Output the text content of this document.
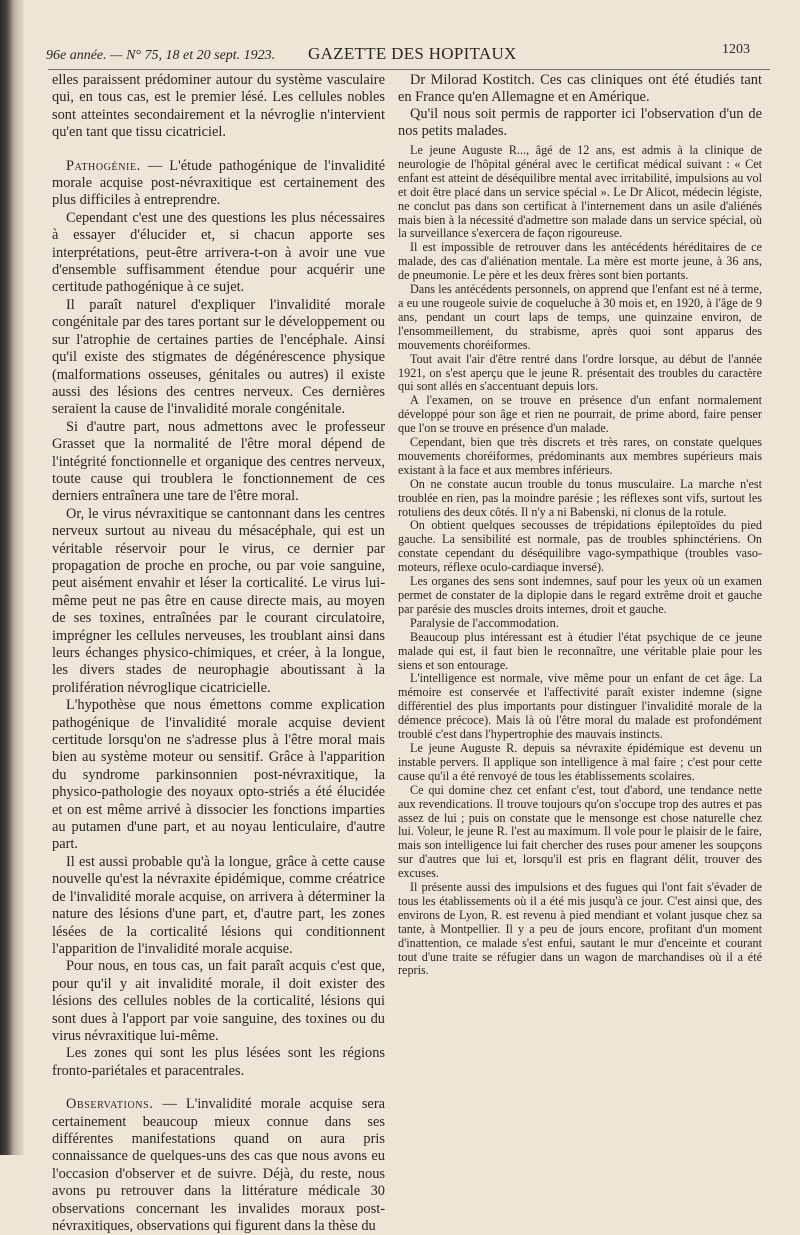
96e année. — N° 75, 18 et 20 sept. 1923. GAZETTE DES HOPITAUX	1203

elles paraissent prédominer autour du système vasculaire qui, en tous cas, est le premier lésé. Les cellules nobles sont atteintes secondairement et la névroglie n'intervient qu'en tant que tissu cicatriciel.

Pathogénie. — L'étude pathogénique de l'invalidité morale acquise post-névraxitique est certainement des plus difficiles à entreprendre.

Cependant c'est une des questions les plus nécessaires à essayer d'élucider et, si chacun apporte ses interprétations, peut-être arrivera-t-on à avoir une vue d'ensemble suffisamment étendue pour acquérir une certitude pathogénique à ce sujet.

Il paraît naturel d'expliquer l'invalidité morale congénitale par des tares portant sur le développement ou sur l'atrophie de certaines parties de l'encéphale. Ainsi qu'il existe des stigmates de dégénérescence physique (malformations osseuses, génitales ou autres) il existe aussi des lésions des centres nerveux. Ces dernières seraient la cause de l'invalidité morale congénitale.

Si d'autre part, nous admettons avec le professeur Grasset que la normalité de l'être moral dépend de l'intégrité fonctionnelle et organique des centres nerveux, toute cause qui troublera le fonctionnement de ces derniers entraînera une tare de l'être moral.

Or, le virus névraxitique se cantonnant dans les centres nerveux surtout au niveau du mésacéphale, qui est un véritable réservoir pour le virus, ce dernier par propagation de proche en proche, ou par voie sanguine, peut aisément envahir et léser la corticalité. Le virus lui-même peut ne pas être en cause directe mais, au moyen de ses toxines, entraînées par le courant circulatoire, imprégner les cellules nerveuses, les troublant ainsi dans leurs échanges physico-chimiques, et créer, à la longue, les divers stades de neurophagie aboutissant à la prolifération névroglique cicatricielle.

L'hypothèse que nous émettons comme explication pathogénique de l'invalidité morale acquise devient certitude lorsqu'on ne s'adresse plus à l'être moral mais bien au système moteur ou sensitif. Grâce à l'apparition du syndrome parkinsonnien post-névraxitique, la physico-pathologie des noyaux opto-striés a été élucidée et on est même arrivé à dissocier les fonctions imparties au putamen d'une part, et au noyau lenticulaire, d'autre part.

Il est aussi probable qu'à la longue, grâce à cette cause nouvelle qu'est la névraxite épidémique, comme créatrice de l'invalidité morale acquise, on arrivera à déterminer la nature des lésions d'une part, et, d'autre part, les zones lésées de la corticalité lésions qui conditionnent l'apparition de l'invalidité morale acquise.

Pour nous, en tous cas, un fait paraît acquis c'est que, pour qu'il y ait invalidité morale, il doit exister des lésions des cellules nobles de la corticalité, lésions qui sont dues à l'apport par voie sanguine, des toxines ou du virus névraxitique lui-même.

Les zones qui sont les plus lésées sont les régions fronto-pariétales et paracentrales.

Observations. — L'invalidité morale acquise sera certainement beaucoup mieux connue dans ses différentes manifestations quand on aura pris connaissance de quelques-uns des cas que nous avons eu l'occasion d'observer et de suivre. Déjà, du reste, nous avons pu retrouver dans la littérature médicale 30 observations concernant les invalides moraux post-névraxitiques, observations qui figurent dans la thèse du

Dr Milorad Kostitch. Ces cas cliniques ont été étudiés tant en France qu'en Allemagne et en Amérique.

Qu'il nous soit permis de rapporter ici l'observation d'un de nos petits malades.

Le jeune Auguste R..., âgé de 12 ans, est admis à la clinique de neurologie de l'hôpital général avec le certificat médical suivant : « Cet enfant est atteint de déséquilibre mental avec irritabilité, impulsions au vol et doit être placé dans un service spécial ». Le Dr Alicot, médecin légiste, ne conclut pas dans son certificat à l'internement dans un asile d'aliénés mais bien à la nécessité d'admettre son malade dans un service spécial, où la surveillance s'exercera de façon rigoureuse.

Il est impossible de retrouver dans les antécédents héréditaires de ce malade, des cas d'aliénation mentale. La mère est morte jeune, à 36 ans, de pneumonie. Le père et les deux frères sont bien portants.

Dans les antécédents personnels, on apprend que l'enfant est né à terme, a eu une rougeole suivie de coqueluche à 30 mois et, en 1920, à l'âge de 9 ans, pendant un court laps de temps, une quinzaine environ, de l'ensommeillement, du strabisme, après quoi sont apparus des mouvements choréiformes.

Tout avait l'air d'être rentré dans l'ordre lorsque, au début de l'année 1921, on s'est aperçu que le jeune R. présentait des troubles du caractère qui sont allés en s'accentuant depuis lors.

A l'examen, on se trouve en présence d'un enfant normalement développé pour son âge et rien ne pourrait, de prime abord, faire penser que l'on se trouve en présence d'un malade.

Cependant, bien que très discrets et très rares, on constate quelques mouvements choréiformes, prédominants aux membres supérieurs mais existant à la face et aux membres inférieurs.

On ne constate aucun trouble du tonus musculaire. La marche n'est troublée en rien, pas la moindre parésie ; les réflexes sont vifs, surtout les rotuliens des deux côtés. Il n'y a ni Babenski, ni clonus de la rotule.

On obtient quelques secousses de trépidations épileptoïdes du pied gauche. La sensibilité est normale, pas de troubles sphinctériens. On constate cependant du déséquilibre vago-sympathique (troubles vaso-moteurs, réflexe oculo-cardiaque inversé).

Les organes des sens sont indemnes, sauf pour les yeux où un examen permet de constater de la diplopie dans le regard extrême droit et gauche par parésie des muscles droits internes, droit et gauche.

Paralysie de l'accommodation.

Beaucoup plus intéressant est à étudier l'état psychique de ce jeune malade qui est, il faut bien le reconnaître, une véritable plaie pour les siens et son entourage.

L'intelligence est normale, vive même pour un enfant de cet âge. La mémoire est conservée et l'affectivité paraît exister indemne (signe différentiel des plus importants pour distinguer l'invalidité morale de la démence précoce). Mais là où l'être moral du malade est profondément troublé c'est dans l'hypertrophie des mauvais instincts.

Le jeune Auguste R. depuis sa névraxite épidémique est devenu un instable pervers. Il applique son intelligence à mal faire ; c'est pour cette cause qu'il a été renvoyé de tous les établissements scolaires.

Ce qui domine chez cet enfant c'est, tout d'abord, une tendance nette aux revendications. Il trouve toujours qu'on s'occupe trop des autres et pas assez de lui ; puis on constate que le mensonge est chose naturelle chez lui. Voleur, le jeune R. l'est au maximum. Il vole pour le plaisir de le faire, mais son intelligence lui fait chercher des ruses pour amener les soupçons sur d'autres que lui et, lorsqu'il est pris en flagrant délit, trouver des excuses.

Il présente aussi des impulsions et des fugues qui l'ont fait s'évader de tous les établissements où il a été mis jusqu'à ce jour. C'est ainsi que, des environs de Lyon, R. est revenu à pied mendiant et volant jusque chez sa tante, à Montpellier. Il y a peu de jours encore, profitant d'un moment d'inattention, ce malade s'est enfui, sautant le mur d'enceinte et courant tout d'une traite se réfugier dans un wagon de marchandises où il a été repris.
